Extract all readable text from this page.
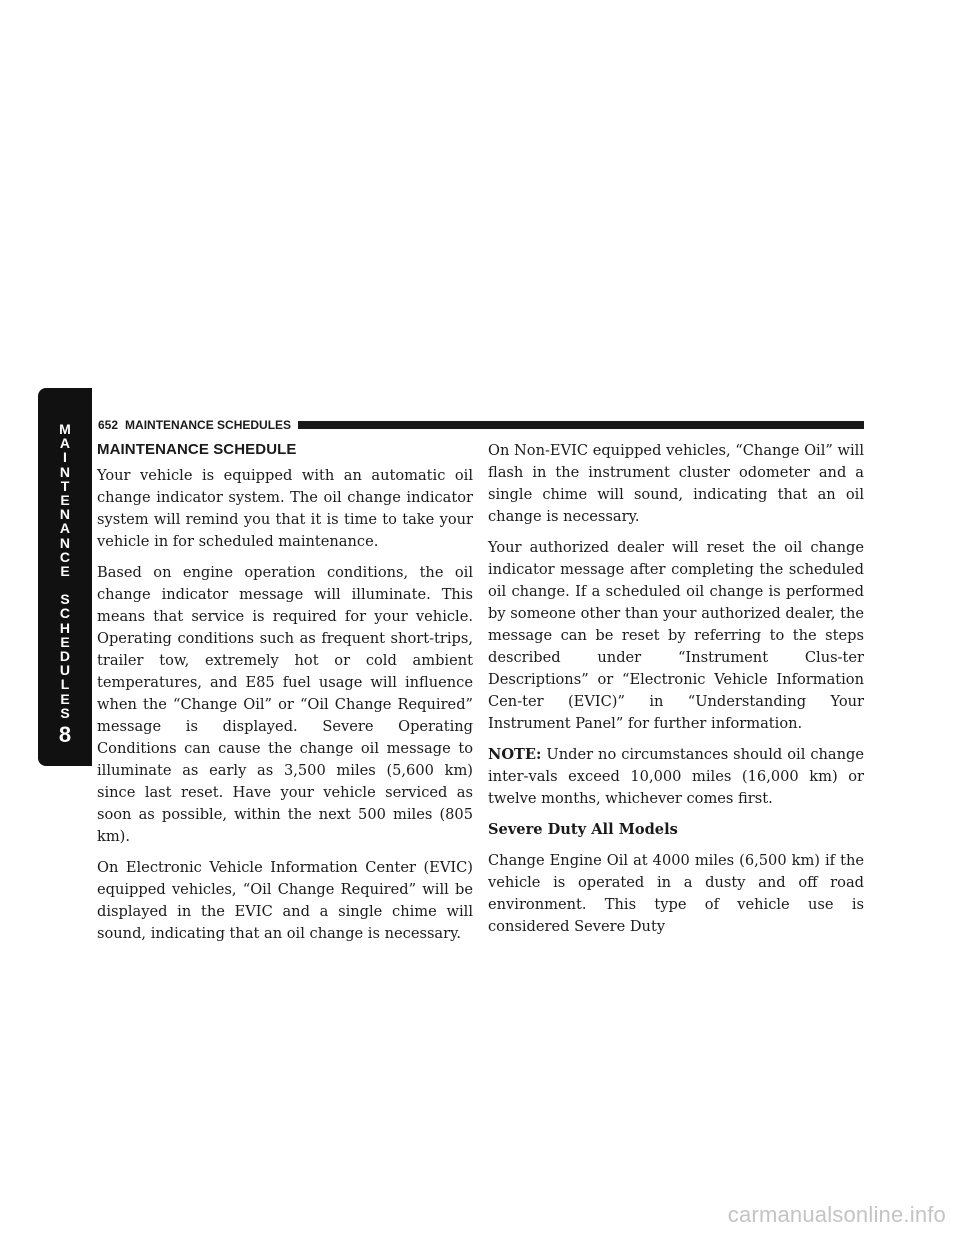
M
A
I
N
T
E
N
A
N
C
E
S
C
H
E
D
U
L
E
S
8
652 MAINTENANCE SCHEDULES
MAINTENANCE SCHEDULE

Your vehicle is equipped with an automatic oil change indicator system. The oil change indicator system will remind you that it is time to take your vehicle in for scheduled maintenance.

Based on engine operation conditions, the oil change indicator message will illuminate. This means that service is required for your vehicle. Operating conditions such as frequent short-trips, trailer tow, extremely hot or cold ambient temperatures, and E85 fuel usage will influence when the “Change Oil” or “Oil Change Required” message is displayed. Severe Operating Conditions can cause the change oil message to illuminate as early as 3,500 miles (5,600 km) since last reset. Have your vehicle serviced as soon as possible, within the next 500 miles (805 km).

On Electronic Vehicle Information Center (EVIC) equipped vehicles, “Oil Change Required” will be displayed in the EVIC and a single chime will sound, indicating that an oil change is necessary.

On Non-EVIC equipped vehicles, “Change Oil” will flash in the instrument cluster odometer and a single chime will sound, indicating that an oil change is necessary.

Your authorized dealer will reset the oil change indicator message after completing the scheduled oil change. If a scheduled oil change is performed by someone other than your authorized dealer, the message can be reset by referring to the steps described under “Instrument Clus-ter Descriptions” or “Electronic Vehicle Information Cen-ter (EVIC)” in “Understanding Your Instrument Panel” for further information.

NOTE: Under no circumstances should oil change inter-vals exceed 10,000 miles (16,000 km) or twelve months, whichever comes first.

Severe Duty All Models

Change Engine Oil at 4000 miles (6,500 km) if the vehicle is operated in a dusty and off road environment. This type of vehicle use is considered Severe Duty

carmanualsonline.info
